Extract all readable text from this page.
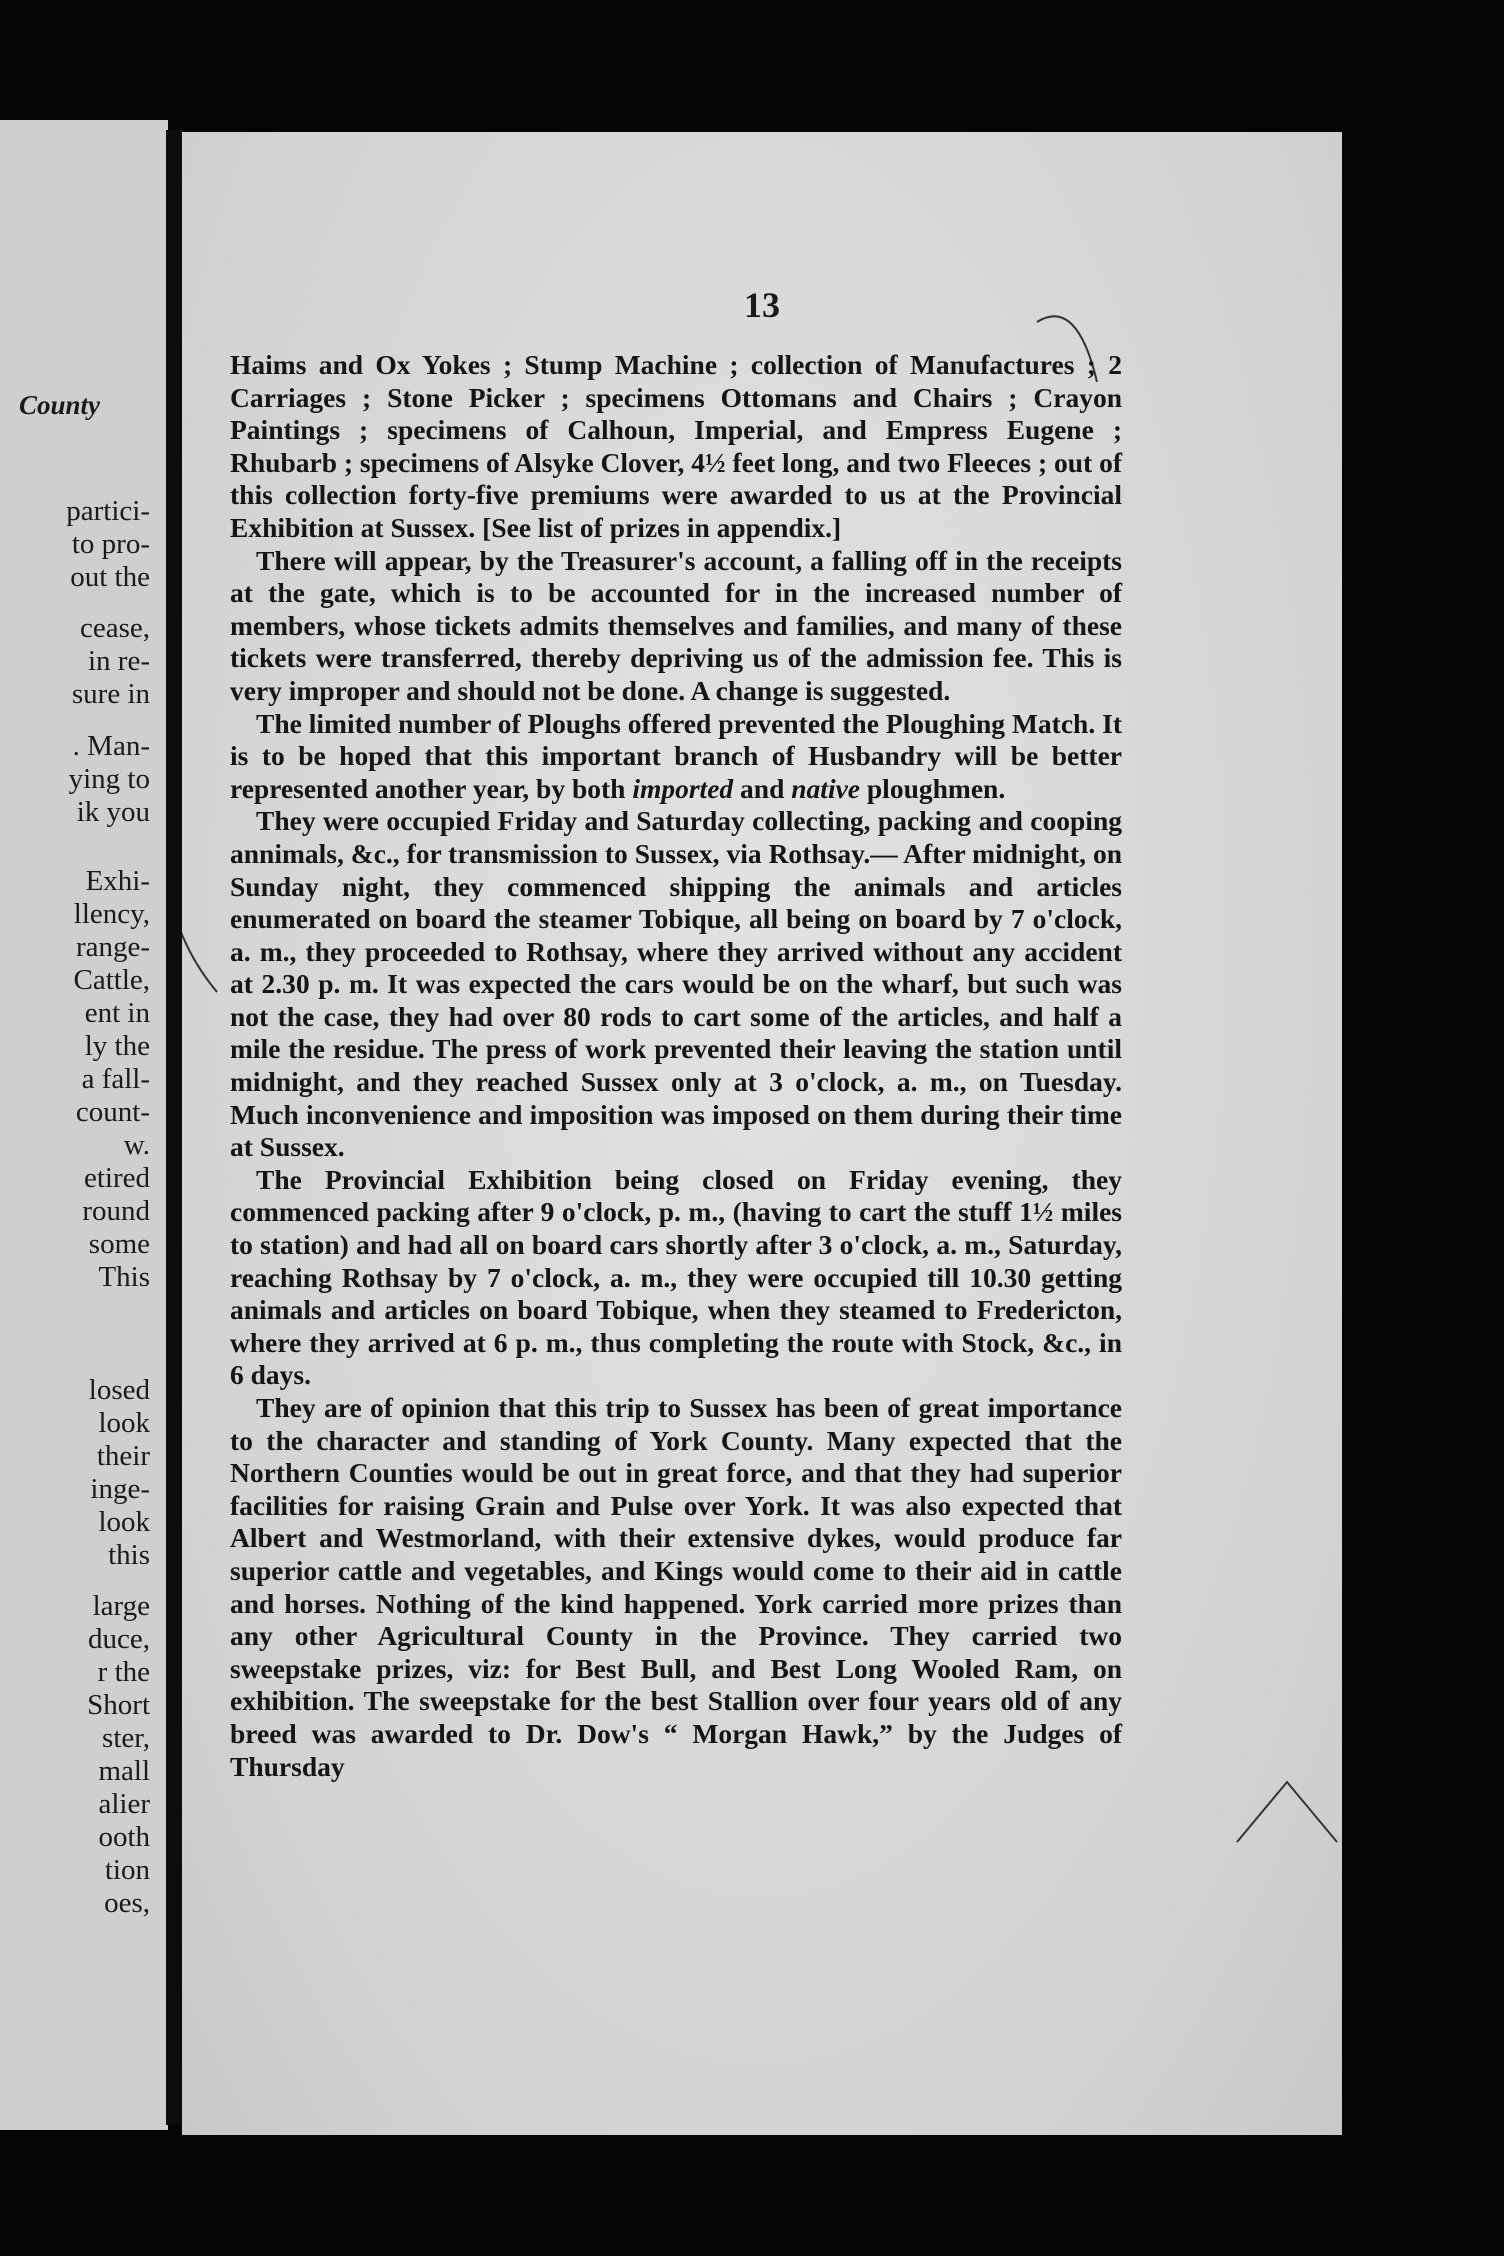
County
partici-
to pro-
out the
cease,
in re-
sure in
. Man-
ying to
ik you
Exhi-
llency,
range-
Cattle,
ent in
ly the
a fall-
count-
w.
etired
round
some
This
losed
look
their
inge-
look
this
large
duce,
r the
Short
ster,
mall
alier
ooth
tion
oes,
13

Haims and Ox Yokes ; Stump Machine ; collection of Manufactures ; 2 Carriages ; Stone Picker ; specimens Ottomans and Chairs ; Crayon Paintings ; specimens of Calhoun, Imperial, and Empress Eugene ; Rhubarb ; specimens of Alsyke Clover, 4½ feet long, and two Fleeces ; out of this collection forty-five premiums were awarded to us at the Provincial Exhibition at Sussex. [See list of prizes in appendix.]

There will appear, by the Treasurer's account, a falling off in the receipts at the gate, which is to be accounted for in the increased number of members, whose tickets admits themselves and families, and many of these tickets were transferred, thereby depriving us of the admission fee. This is very improper and should not be done. A change is suggested.

The limited number of Ploughs offered prevented the Ploughing Match. It is to be hoped that this important branch of Husbandry will be better represented another year, by both imported and native ploughmen.

They were occupied Friday and Saturday collecting, packing and cooping annimals, &c., for transmission to Sussex, via Rothsay.— After midnight, on Sunday night, they commenced shipping the animals and articles enumerated on board the steamer Tobique, all being on board by 7 o'clock, a. m., they proceeded to Rothsay, where they arrived without any accident at 2.30 p. m. It was expected the cars would be on the wharf, but such was not the case, they had over 80 rods to cart some of the articles, and half a mile the residue. The press of work prevented their leaving the station until midnight, and they reached Sussex only at 3 o'clock, a. m., on Tuesday. Much inconvenience and imposition was imposed on them during their time at Sussex.

The Provincial Exhibition being closed on Friday evening, they commenced packing after 9 o'clock, p. m., (having to cart the stuff 1½ miles to station) and had all on board cars shortly after 3 o'clock, a. m., Saturday, reaching Rothsay by 7 o'clock, a. m., they were occupied till 10.30 getting animals and articles on board Tobique, when they steamed to Fredericton, where they arrived at 6 p. m., thus completing the route with Stock, &c., in 6 days.

They are of opinion that this trip to Sussex has been of great importance to the character and standing of York County. Many expected that the Northern Counties would be out in great force, and that they had superior facilities for raising Grain and Pulse over York. It was also expected that Albert and Westmorland, with their extensive dykes, would produce far superior cattle and vegetables, and Kings would come to their aid in cattle and horses. Nothing of the kind happened. York carried more prizes than any other Agricultural County in the Province. They carried two sweepstake prizes, viz: for Best Bull, and Best Long Wooled Ram, on exhibition. The sweepstake for the best Stallion over four years old of any breed was awarded to Dr. Dow's “ Morgan Hawk,” by the Judges of Thursday
